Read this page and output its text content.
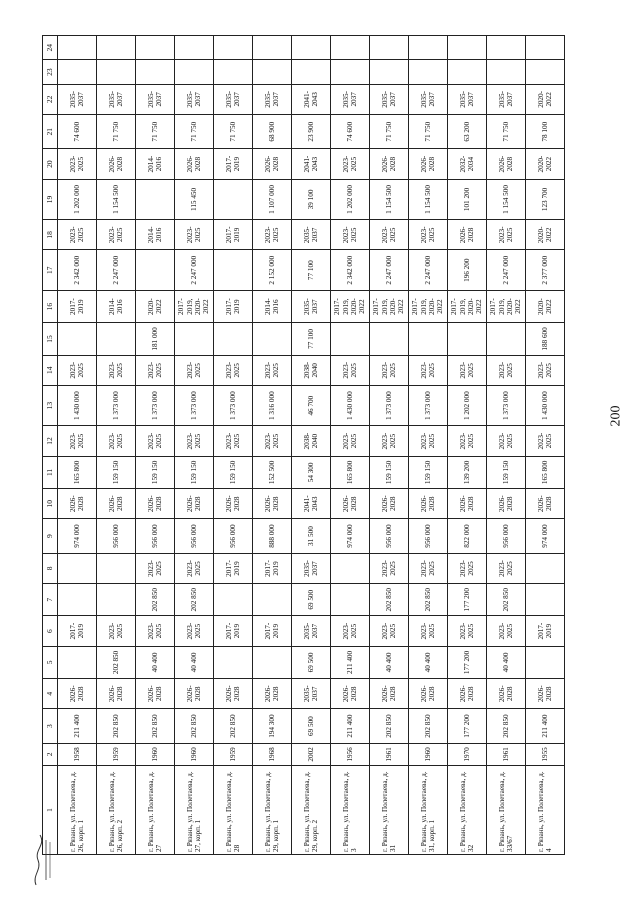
200
1	2	3	4	5	6	7	8	9	10	11	12	13	14	15	16	17	18	19	20	21	22	23	24
г. Рязань, ул. Полетаева, д. 26, корп. 1	1958	211 400	2026-2028		2017-2019			974 000	2026-2028	165 800	2023-2025	1 430 000	2023-2025		2017-2019	2 342 000	2023-2025	1 202 000	2023-2025	74 600	2035-2037		
г. Рязань, ул. Полетаева, д. 26, корп. 2	1959	202 850	2026-2028	202 850	2023-2025			956 000	2026-2028	159 150	2023-2025	1 373 000	2023-2025		2014-2016	2 247 000	2023-2025	1 154 500	2026-2028	71 750	2035-2037		
г. Рязань, ул. Полетаева, д. 27	1960	202 850	2026-2028	40 400	2023-2025	202 850	2023-2025	956 000	2026-2028	159 150	2023-2025	1 373 000	2023-2025	181 000	2020-2022		2014-2016		2014-2016	71 750	2035-2037		
г. Рязань, ул. Полетаева, д. 27, корп. 1	1960	202 850	2026-2028	40 400	2023-2025	202 850	2023-2025	956 000	2026-2028	159 150	2023-2025	1 373 000	2023-2025		2017-2019, 2020-2022	2 247 000	2023-2025	115 450	2026-2028	71 750	2035-2037		
г. Рязань, ул. Полетаева, д. 28	1959	202 850	2026-2028		2017-2019		2017-2019	956 000	2026-2028	159 150	2023-2025	1 373 000	2023-2025		2017-2019		2017-2019		2017-2019	71 750	2035-2037		
г. Рязань, ул. Полетаева, д. 29, корп. 1	1968	194 300	2026-2028		2017-2019		2017-2019	888 000	2026-2028	152 500	2023-2025	1 316 000	2023-2025		2014-2016	2 152 000	2023-2025	1 107 000	2026-2028	68 900	2035-2037		
г. Рязань, ул. Полетаева, д. 29, корп. 2	2002	69 500	2035-2037	69 500	2035-2037	69 500	2035-2037	31 500	2041-2043	54 300	2038-2040	46 700	2038-2040	77 100	2035-2037	77 100	2035-2037	39 100	2041-2043	23 900	2041-2043		
г. Рязань, ул. Полетаева, д. 3	1956	211 400	2026-2028	211 400	2023-2025			974 000	2026-2028	165 800	2023-2025	1 430 000	2023-2025		2017-2019, 2020-2022	2 342 000	2023-2025	1 202 000	2023-2025	74 600	2035-2037		
г. Рязань, ул. Полетаева, д. 31	1961	202 850	2026-2028	40 400	2023-2025	202 850	2023-2025	956 000	2026-2028	159 150	2023-2025	1 373 000	2023-2025		2017-2019, 2020-2022	2 247 000	2023-2025	1 154 500	2026-2028	71 750	2035-2037		
г. Рязань, ул. Полетаева, д. 31, корп. 1	1960	202 850	2026-2028	40 400	2023-2025	202 850	2023-2025	956 000	2026-2028	159 150	2023-2025	1 373 000	2023-2025		2017-2019, 2020-2022	2 247 000	2023-2025	1 154 500	2026-2028	71 750	2035-2037		
г. Рязань, ул. Полетаева, д. 32	1970	177 200	2026-2028	177 200	2023-2025	177 200	2023-2025	822 000	2026-2028	139 200	2023-2025	1 202 000	2023-2025		2017-2019, 2020-2022	196 200	2026-2028	101 200	2032-2034	63 200	2035-2037		
г. Рязань, ул. Полетаева, д. 33/67	1961	202 850	2026-2028	40 400	2023-2025	202 850	2023-2025	956 000	2026-2028	159 150	2023-2025	1 373 000	2023-2025		2017-2019, 2020-2022	2 247 000	2023-2025	1 154 500	2026-2028	71 750	2035-2037		
г. Рязань, ул. Полетаева, д. 4	1955	211 400	2026-2028		2017-2019			974 000	2026-2028	165 800	2023-2025	1 430 000	2023-2025	188 600	2020-2022	2 377 000	2020-2022	123 700	2020-2022	78 100	2020-2022		
